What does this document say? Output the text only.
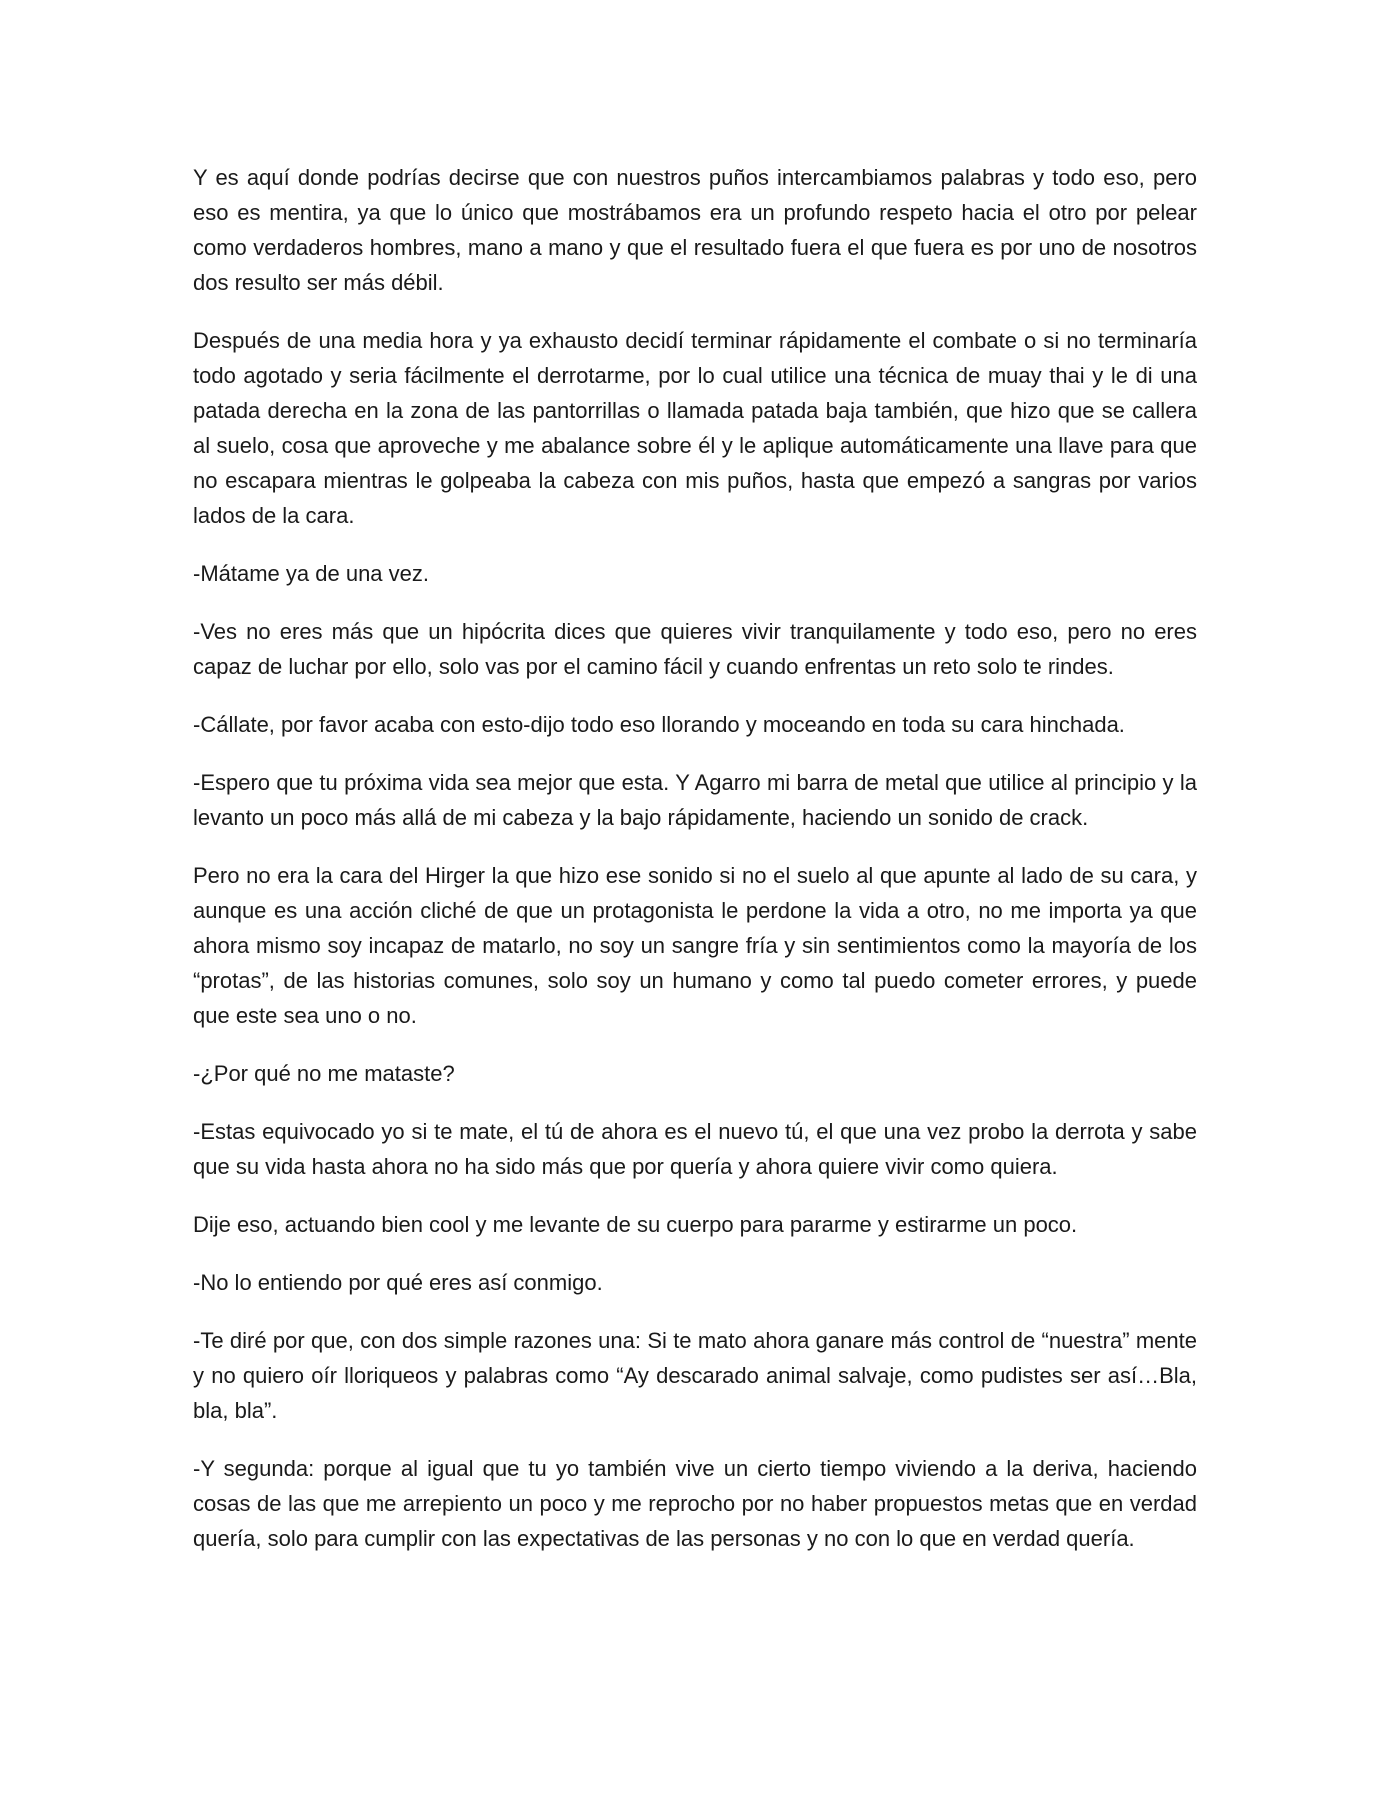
Y es aquí donde podrías decirse que con nuestros puños intercambiamos palabras y todo eso, pero eso es mentira, ya que lo único que mostrábamos era un profundo respeto hacia el otro por pelear como verdaderos hombres, mano a mano y que el resultado fuera el que fuera es por uno de nosotros dos resulto ser más débil.

Después de una media hora y ya exhausto decidí terminar rápidamente el combate o si no terminaría todo agotado y seria fácilmente el derrotarme, por lo cual utilice una técnica de muay thai y le di una patada derecha en la zona de las pantorrillas o llamada patada baja también, que hizo que se callera al suelo, cosa que aproveche y me abalance sobre él y le aplique automáticamente una llave para que no escapara mientras le golpeaba la cabeza con mis puños, hasta que empezó a sangras por varios lados de la cara.

-Mátame ya de una vez.

-Ves no eres más que un hipócrita dices que quieres vivir tranquilamente y todo eso, pero no eres capaz de luchar por ello, solo vas por el camino fácil y cuando enfrentas un reto solo te rindes.

-Cállate, por favor acaba con esto-dijo todo eso llorando y moceando en toda su cara hinchada.

-Espero que tu próxima vida sea mejor que esta. Y Agarro mi barra de metal que utilice al principio y la levanto un poco más allá de mi cabeza y la bajo rápidamente, haciendo un sonido de crack.

Pero no era la cara del Hirger la que hizo ese sonido si no el suelo al que apunte al lado de su cara, y aunque es una acción cliché de que un protagonista le perdone la vida a otro, no me importa ya que ahora mismo soy incapaz de matarlo, no soy un sangre fría y sin sentimientos como la mayoría de los “protas”, de las historias comunes, solo soy un humano y como tal puedo cometer errores, y puede que este sea uno o no.

-¿Por qué no me mataste?

-Estas equivocado yo si te mate, el tú de ahora es el nuevo tú, el que una vez probo la derrota y sabe que su vida hasta ahora no ha sido más que por quería y ahora quiere vivir como quiera.

Dije eso, actuando bien cool y me levante de su cuerpo para pararme y estirarme un poco.

-No lo entiendo por qué eres así conmigo.

-Te diré por que, con dos simple razones una: Si te mato ahora ganare más control de “nuestra” mente y no quiero oír lloriqueos y palabras como “Ay descarado animal salvaje, como pudistes ser así…Bla, bla, bla”.

-Y segunda: porque al igual que tu yo también vive un cierto tiempo viviendo a la deriva, haciendo cosas de las que me arrepiento un poco y me reprocho por no haber propuestos metas que en verdad quería, solo para cumplir con las expectativas de las personas y no con lo que en verdad quería.
